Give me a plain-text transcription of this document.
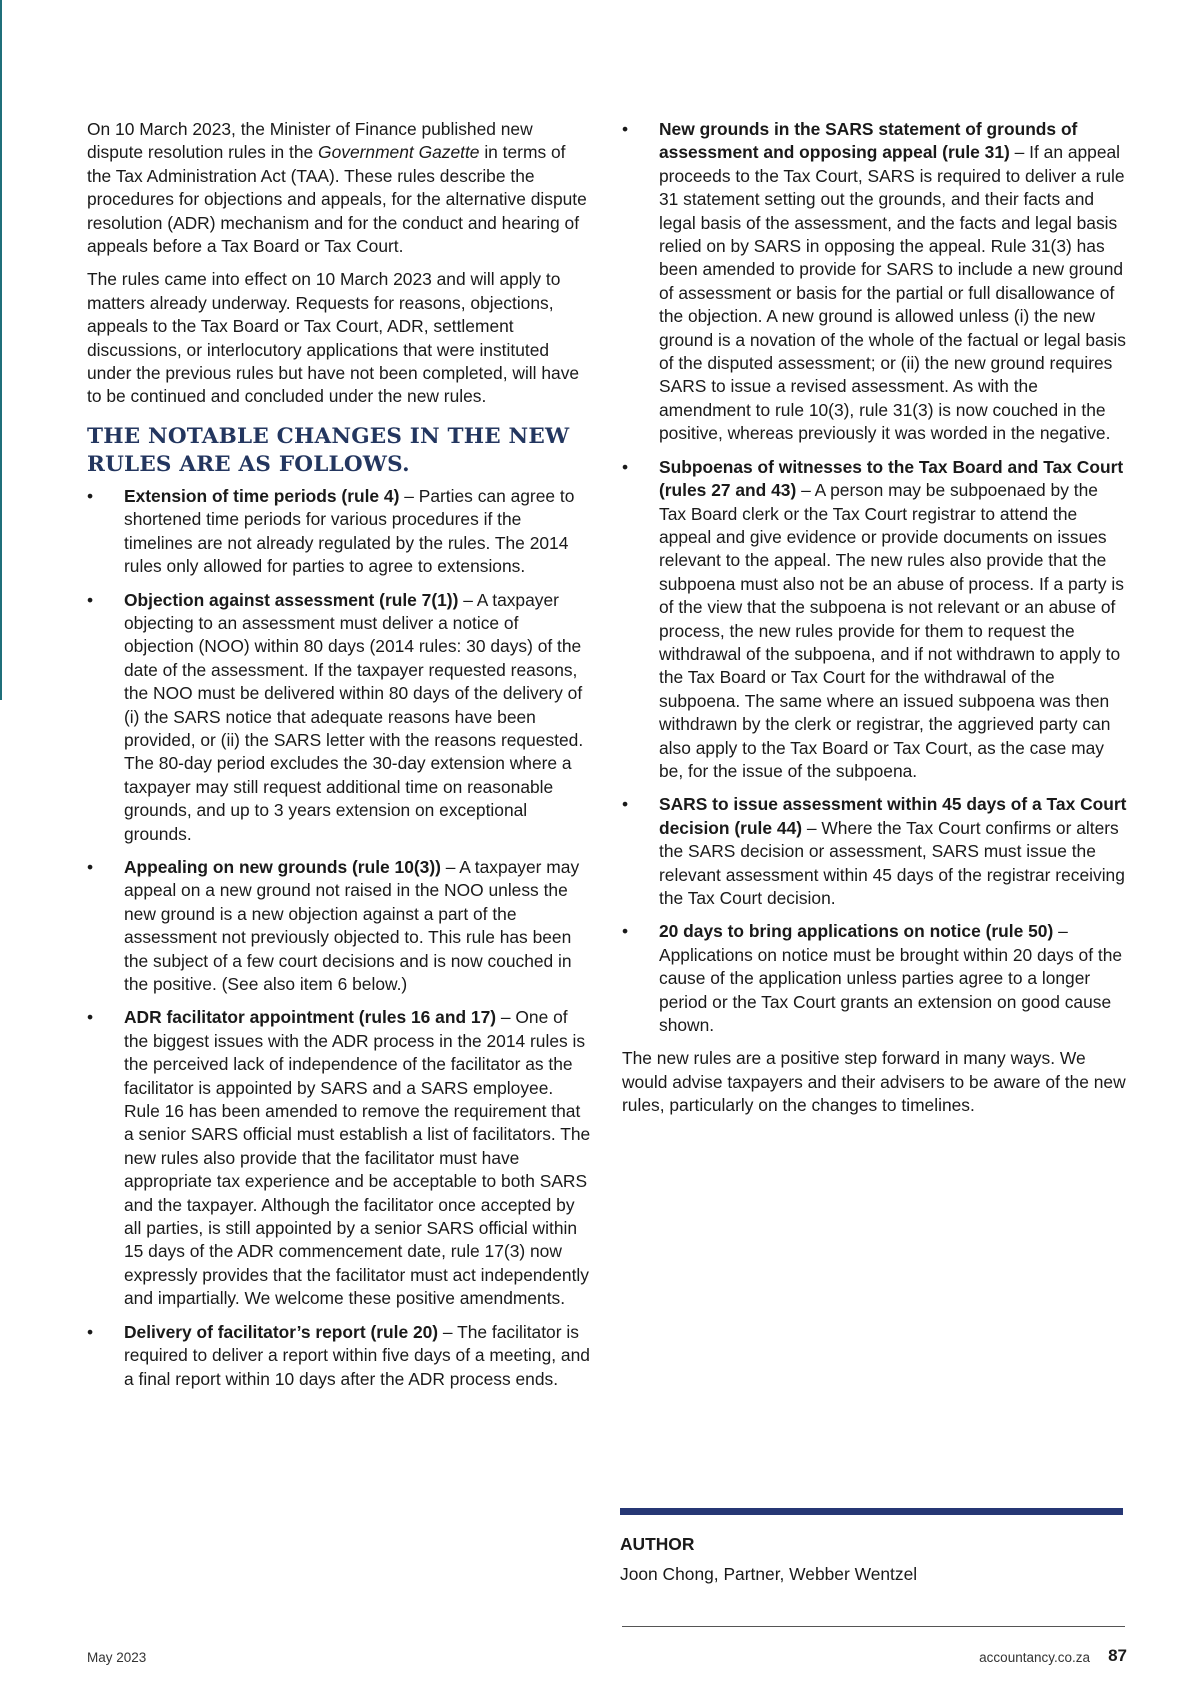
On 10 March 2023, the Minister of Finance published new dispute resolution rules in the Government Gazette in terms of the Tax Administration Act (TAA). These rules describe the procedures for objections and appeals, for the alternative dispute resolution (ADR) mechanism and for the conduct and hearing of appeals before a Tax Board or Tax Court.

The rules came into effect on 10 March 2023 and will apply to matters already underway. Requests for reasons, objections, appeals to the Tax Board or Tax Court, ADR, settlement discussions, or interlocutory applications that were instituted under the previous rules but have not been completed, will have to be continued and concluded under the new rules.

THE NOTABLE CHANGES IN THE NEW RULES ARE AS FOLLOWS.
• Extension of time periods (rule 4) – Parties can agree to shortened time periods for various procedures if the timelines are not already regulated by the rules. The 2014 rules only allowed for parties to agree to extensions.
• Objection against assessment (rule 7(1)) – A taxpayer objecting to an assessment must deliver a notice of objection (NOO) within 80 days (2014 rules: 30 days) of the date of the assessment. If the taxpayer requested reasons, the NOO must be delivered within 80 days of the delivery of (i) the SARS notice that adequate reasons have been provided, or (ii) the SARS letter with the reasons requested. The 80-day period excludes the 30-day extension where a taxpayer may still request additional time on reasonable grounds, and up to 3 years extension on exceptional grounds.
• Appealing on new grounds (rule 10(3)) – A taxpayer may appeal on a new ground not raised in the NOO unless the new ground is a new objection against a part of the assessment not previously objected to. This rule has been the subject of a few court decisions and is now couched in the positive. (See also item 6 below.)
• ADR facilitator appointment (rules 16 and 17) – One of the biggest issues with the ADR process in the 2014 rules is the perceived lack of independence of the facilitator as the facilitator is appointed by SARS and a SARS employee. Rule 16 has been amended to remove the requirement that a senior SARS official must establish a list of facilitators. The new rules also provide that the facilitator must have appropriate tax experience and be acceptable to both SARS and the taxpayer. Although the facilitator once accepted by all parties, is still appointed by a senior SARS official within 15 days of the ADR commencement date, rule 17(3) now expressly provides that the facilitator must act independently and impartially. We welcome these positive amendments.
• Delivery of facilitator’s report (rule 20) – The facilitator is required to deliver a report within five days of a meeting, and a final report within 10 days after the ADR process ends.
• New grounds in the SARS statement of grounds of assessment and opposing appeal (rule 31) – If an appeal proceeds to the Tax Court, SARS is required to deliver a rule 31 statement setting out the grounds, and their facts and legal basis of the assessment, and the facts and legal basis relied on by SARS in opposing the appeal. Rule 31(3) has been amended to provide for SARS to include a new ground of assessment or basis for the partial or full disallowance of the objection. A new ground is allowed unless (i) the new ground is a novation of the whole of the factual or legal basis of the disputed assessment; or (ii) the new ground requires SARS to issue a revised assessment. As with the amendment to rule 10(3), rule 31(3) is now couched in the positive, whereas previously it was worded in the negative.
• Subpoenas of witnesses to the Tax Board and Tax Court (rules 27 and 43) – A person may be subpoenaed by the Tax Board clerk or the Tax Court registrar to attend the appeal and give evidence or provide documents on issues relevant to the appeal. The new rules also provide that the subpoena must also not be an abuse of process. If a party is of the view that the subpoena is not relevant or an abuse of process, the new rules provide for them to request the withdrawal of the subpoena, and if not withdrawn to apply to the Tax Board or Tax Court for the withdrawal of the subpoena. The same where an issued subpoena was then withdrawn by the clerk or registrar, the aggrieved party can also apply to the Tax Board or Tax Court, as the case may be, for the issue of the subpoena.
• SARS to issue assessment within 45 days of a Tax Court decision (rule 44) – Where the Tax Court confirms or alters the SARS decision or assessment, SARS must issue the relevant assessment within 45 days of the registrar receiving the Tax Court decision.
• 20 days to bring applications on notice (rule 50) – Applications on notice must be brought within 20 days of the cause of the application unless parties agree to a longer period or the Tax Court grants an extension on good cause shown.

The new rules are a positive step forward in many ways. We would advise taxpayers and their advisers to be aware of the new rules, particularly on the changes to timelines.

AUTHOR
Joon Chong, Partner, Webber Wentzel
May 2023	accountancy.co.za 87
